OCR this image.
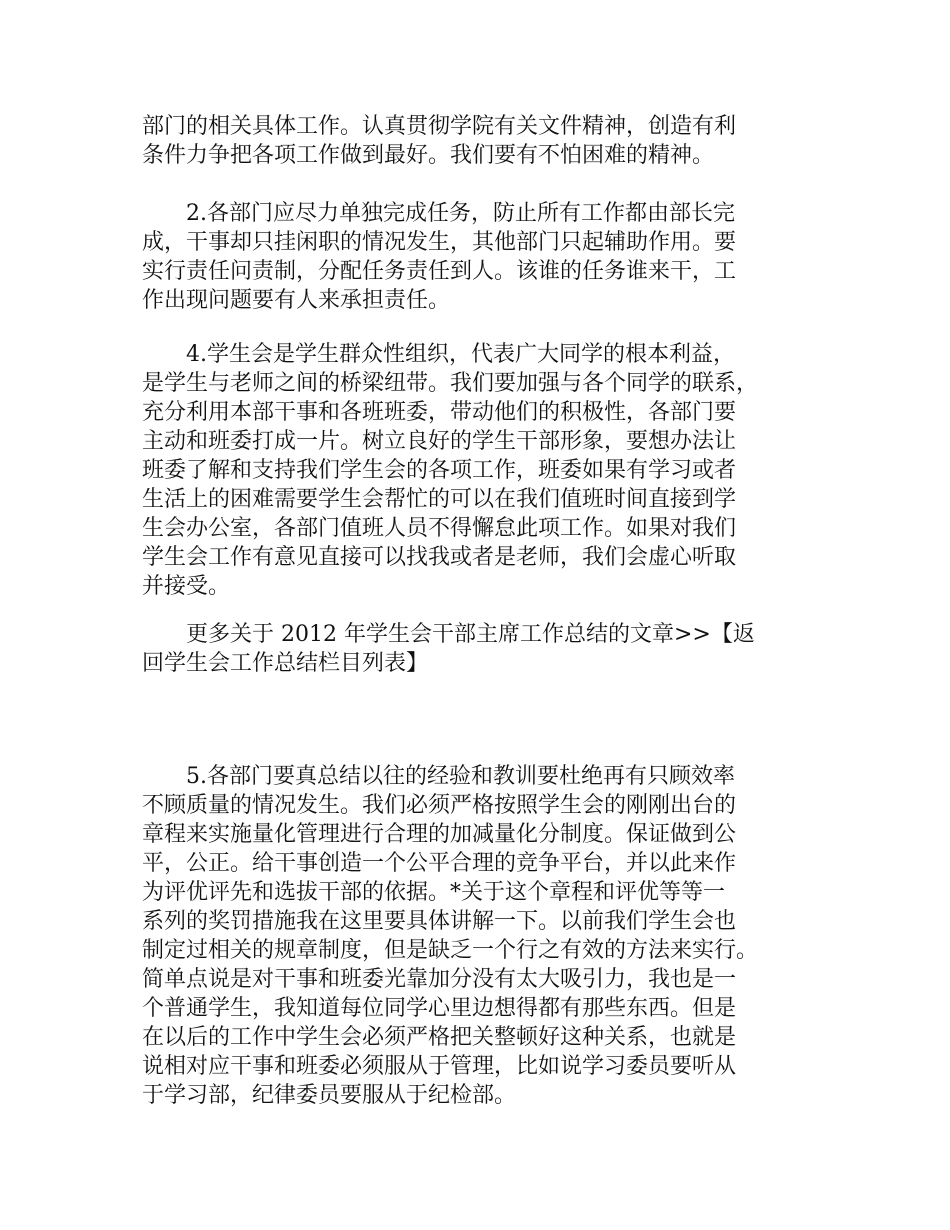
部门的相关具体工作。认真贯彻学院有关文件精神，创造有利
条件力争把各项工作做到最好。我们要有不怕困难的精神。
　　2.各部门应尽力单独完成任务，防止所有工作都由部长完
成，干事却只挂闲职的情况发生，其他部门只起辅助作用。要
实行责任问责制，分配任务责任到人。该谁的任务谁来干，工
作出现问题要有人来承担责任。
　　4.学生会是学生群众性组织，代表广大同学的根本利益，
是学生与老师之间的桥梁纽带。我们要加强与各个同学的联系，
充分利用本部干事和各班班委，带动他们的积极性，各部门要
主动和班委打成一片。树立良好的学生干部形象，要想办法让
班委了解和支持我们学生会的各项工作，班委如果有学习或者
生活上的困难需要学生会帮忙的可以在我们值班时间直接到学
生会办公室，各部门值班人员不得懈怠此项工作。如果对我们
学生会工作有意见直接可以找我或者是老师，我们会虚心听取
并接受。
　　更多关于 2012 年学生会干部主席工作总结的文章>>【返
回学生会工作总结栏目列表】
　　5.各部门要真总结以往的经验和教训要杜绝再有只顾效率
不顾质量的情况发生。我们必须严格按照学生会的刚刚出台的
章程来实施量化管理进行合理的加减量化分制度。保证做到公
平，公正。给干事创造一个公平合理的竞争平台，并以此来作
为评优评先和选拔干部的依据。*关于这个章程和评优等等一
系列的奖罚措施我在这里要具体讲解一下。以前我们学生会也
制定过相关的规章制度，但是缺乏一个行之有效的方法来实行。
简单点说是对干事和班委光靠加分没有太大吸引力，我也是一
个普通学生，我知道每位同学心里边想得都有那些东西。但是
在以后的工作中学生会必须严格把关整顿好这种关系，也就是
说相对应干事和班委必须服从于管理，比如说学习委员要听从
于学习部，纪律委员要服从于纪检部。
